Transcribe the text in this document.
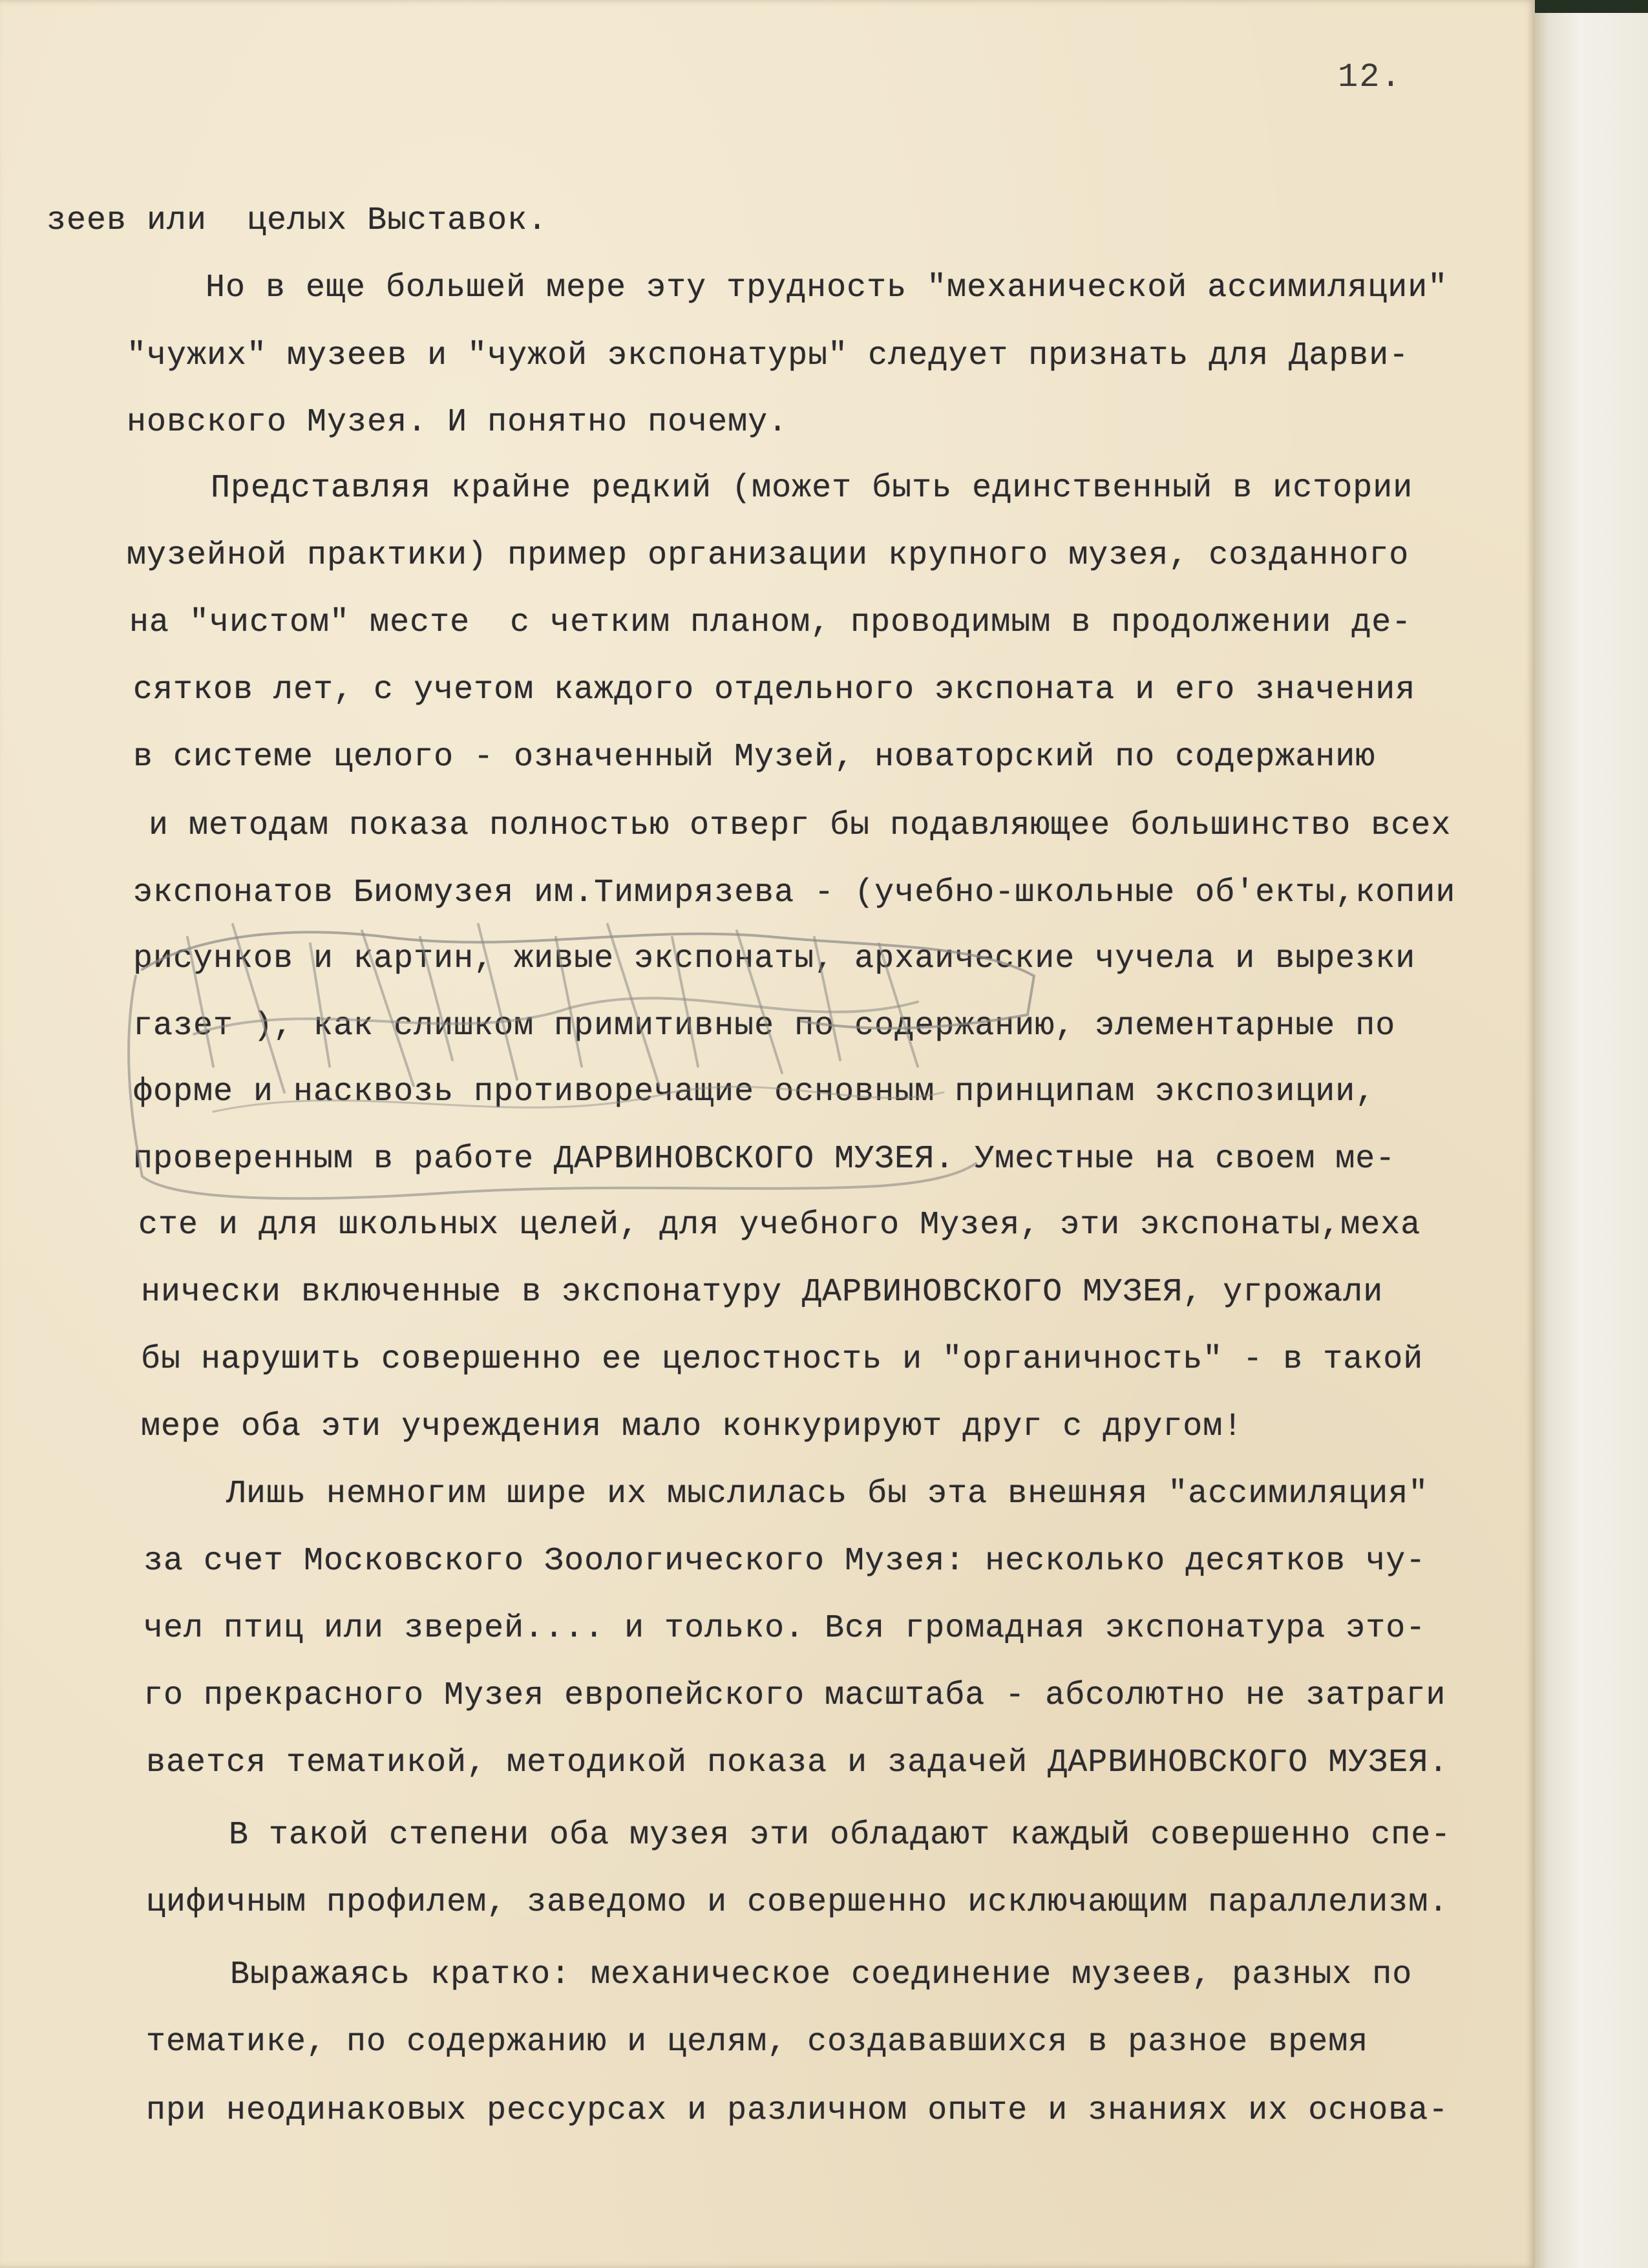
12.
зеев или  целых Выставок.
Но в еще большей мере эту трудность "механической ассимиляции"
"чужих" музеев и "чужой экспонатуры" следует признать для Дарви-
новского Музея. И понятно почему.
Представляя крайне редкий (может быть единственный в истории
музейной практики) пример организации крупного музея, созданного
на "чистом" месте  с четким планом, проводимым в продолжении де-
сятков лет, с учетом каждого отдельного экспоната и его значения
в системе целого - означенный Музей, новаторский по содержанию
и методам показа полностью отверг бы подавляющее большинство всех
экспонатов Биомузея им.Тимирязева - (учебно-школьные об'екты,копии
рисунков и картин, живые экспонаты, архаические чучела и вырезки
газет ), как слишком примитивные по содержанию, элементарные по
форме и насквозь противоречащие основным принципам экспозиции,
проверенным в работе ДАРВИНОВСКОГО МУЗЕЯ. Уместные на своем ме-
сте и для школьных целей, для учебного Музея, эти экспонаты,меха
нически включенные в экспонатуру ДАРВИНОВСКОГО МУЗЕЯ, угрожали
бы нарушить совершенно ее целостность и "органичность" - в такой
мере оба эти учреждения мало конкурируют друг с другом!
Лишь немногим шире их мыслилась бы эта внешняя "ассимиляция"
за счет Московского Зоологического Музея: несколько десятков чу-
чел птиц или зверей.... и только. Вся громадная экспонатура это-
го прекрасного Музея европейского масштаба - абсолютно не затраги
вается тематикой, методикой показа и задачей ДАРВИНОВСКОГО МУЗЕЯ.
В такой степени оба музея эти обладают каждый совершенно спе-
цифичным профилем, заведомо и совершенно исключающим параллелизм.
Выражаясь кратко: механическое соединение музеев, разных по
тематике, по содержанию и целям, создававшихся в разное время
при неодинаковых рессурсах и различном опыте и знаниях их основа-
